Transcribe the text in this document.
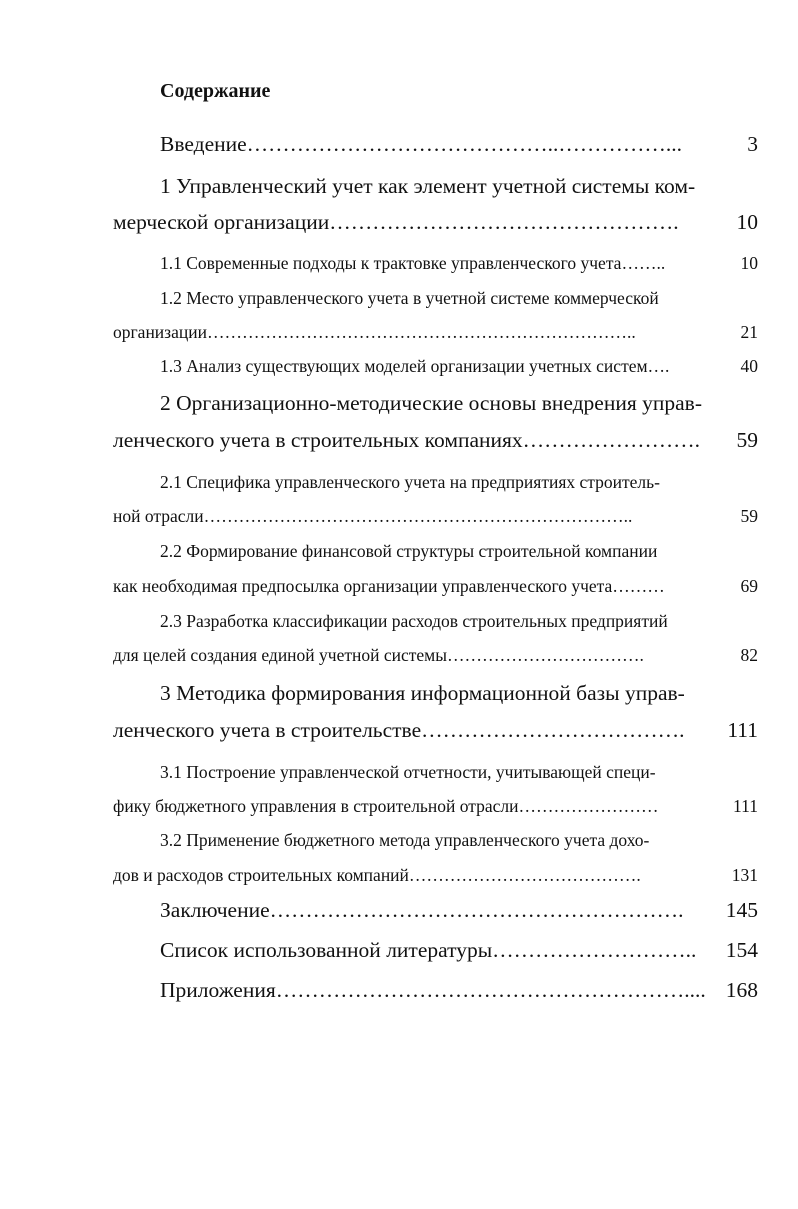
Содержание

Введение……………………………………..……………...	3

1 Управленческий учет как элемент учетной системы ком-

мерческой организации………………………………………….	10

1.1 Современные подходы к трактовке управленческого учета……..	10

1.2 Место управленческого учета в учетной системе коммерческой

организации………………………………………………………………..	21

1.3 Анализ существующих моделей организации учетных систем….	40

2 Организационно-методические основы внедрения управ-

ленческого учета в строительных компаниях…………………….	59

2.1 Специфика управленческого учета на предприятиях строитель-

ной отрасли………………………………………………………………..	59

2.2 Формирование финансовой структуры строительной компании

как необходимая предпосылка организации управленческого учета………	69

2.3 Разработка классификации расходов строительных предприятий

для целей создания единой учетной системы…………………………….	82

3 Методика формирования информационной базы управ-

ленческого учета в строительстве……………………………….	111

3.1 Построение управленческой отчетности, учитывающей специ-

фику бюджетного управления в строительной отрасли……………………	111

3.2 Применение бюджетного метода управленческого учета дохо-

дов и расходов строительных компаний………………………………….	131

Заключение………………………………………………….	145

Список использованной литературы………………………..	154

Приложения………………………………………………….... 168
